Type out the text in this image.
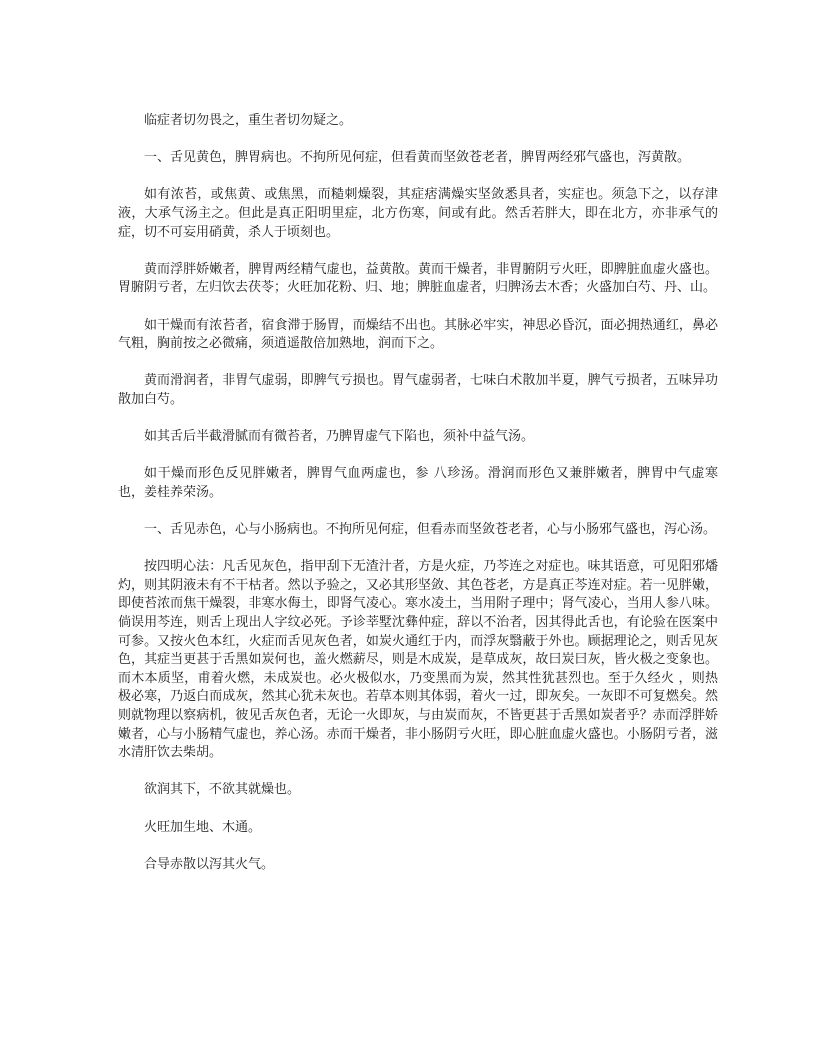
临症者切勿畏之，重生者切勿疑之。

一、舌见黄色，脾胃病也。不拘所见何症，但看黄而坚敛苍老者，脾胃两经邪气盛也，泻黄散。

如有浓苔，或焦黄、或焦黑，而糙刺燥裂，其症痞满燥实坚敛悉具者，实症也。须急下之，以存津液，大承气汤主之。但此是真正阳明里症，北方伤寒，间或有此。然舌若胖大，即在北方，亦非承气的症，切不可妄用硝黄，杀人于顷刻也。

黄而浮胖娇嫩者，脾胃两经精气虚也，益黄散。黄而干燥者，非胃腑阴亏火旺，即脾脏血虚火盛也。胃腑阴亏者，左归饮去茯苓；火旺加花粉、归、地；脾脏血虚者，归脾汤去木香；火盛加白芍、丹、山。

如干燥而有浓苔者，宿食滞于肠胃，而燥结不出也。其脉必牢实，神思必昏沉，面必拥热通红，鼻必气粗，胸前按之必微痛，须逍遥散倍加熟地，润而下之。

黄而滑润者，非胃气虚弱，即脾气亏损也。胃气虚弱者，七味白术散加半夏，脾气亏损者，五味异功散加白芍。

如其舌后半截滑腻而有微苔者，乃脾胃虚气下陷也，须补中益气汤。

如干燥而形色反见胖嫩者，脾胃气血两虚也，参 八珍汤。滑润而形色又兼胖嫩者，脾胃中气虚寒也，姜桂养荣汤。

一、舌见赤色，心与小肠病也。不拘所见何症，但看赤而坚敛苍老者，心与小肠邪气盛也，泻心汤。

按四明心法：凡舌见灰色，指甲刮下无渣汁者，方是火症，乃芩连之对症也。味其语意，可见阳邪燔灼，则其阴液未有不干枯者。然以予验之，又必其形坚敛、其色苍老，方是真正芩连对症。若一见胖嫩，即使苔浓而焦干燥裂，非寒水侮土，即肾气凌心。寒水凌土，当用附子理中；肾气凌心，当用人参八味。倘误用芩连，则舌上现出人字纹必死。予诊莘墅沈彝仲症，辞以不治者，因其得此舌也，有论验在医案中可参。又按火色本红，火症而舌见灰色者，如炭火通红于内，而浮灰翳蔽于外也。顾据理论之，则舌见灰色，其症当更甚于舌黑如炭何也，盖火燃薪尽，则是木成炭，是草成灰，故曰炭曰灰，皆火极之变象也。而木本质坚，甫着火燃，未成炭也。必火极似水，乃变黑而为炭，然其性犹甚烈也。至于久经火 ，则热极必寒，乃返白而成灰，然其心犹未灰也。若草本则其体弱，着火一过，即灰矣。一灰即不可复燃矣。然则就物理以察病机，彼见舌灰色者，无论一火即灰，与由炭而灰，不皆更甚于舌黑如炭者乎？赤而浮胖娇嫩者，心与小肠精气虚也，养心汤。赤而干燥者，非小肠阴亏火旺，即心脏血虚火盛也。小肠阴亏者，滋水清肝饮去柴胡。

欲润其下，不欲其就燥也。

火旺加生地、木通。

合导赤散以泻其火气。
